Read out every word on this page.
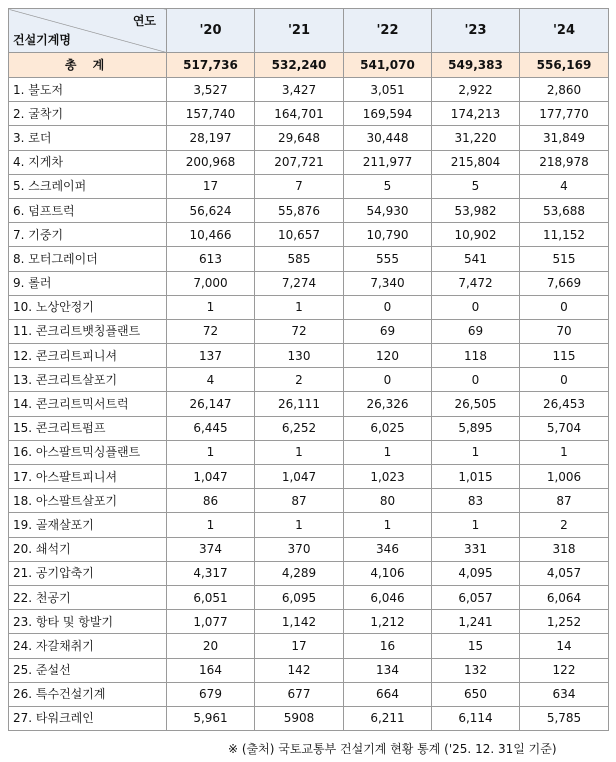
연도
건설기계명	'20	'21	'22	'23	'24
총 계	517,736	532,240	541,070	549,383	556,169
1. 불도저	3,527	3,427	3,051	2,922	2,860
2. 굴착기	157,740	164,701	169,594	174,213	177,770
3. 로더	28,197	29,648	30,448	31,220	31,849
4. 지게차	200,968	207,721	211,977	215,804	218,978
5. 스크레이퍼	17	7	5	5	4
6. 덤프트럭	56,624	55,876	54,930	53,982	53,688
7. 기중기	10,466	10,657	10,790	10,902	11,152
8. 모터그레이더	613	585	555	541	515
9. 롤러	7,000	7,274	7,340	7,472	7,669
10. 노상안정기	1	1	0	0	0
11. 콘크리트뱃칭플랜트	72	72	69	69	70
12. 콘크리트피니셔	137	130	120	118	115
13. 콘크리트살포기	4	2	0	0	0
14. 콘크리트믹서트럭	26,147	26,111	26,326	26,505	26,453
15. 콘크리트펌프	6,445	6,252	6,025	5,895	5,704
16. 아스팔트믹싱플랜트	1	1	1	1	1
17. 아스팔트피니셔	1,047	1,047	1,023	1,015	1,006
18. 아스팔트살포기	86	87	80	83	87
19. 골재살포기	1	1	1	1	2
20. 쇄석기	374	370	346	331	318
21. 공기압축기	4,317	4,289	4,106	4,095	4,057
22. 천공기	6,051	6,095	6,046	6,057	6,064
23. 항타 및 항발기	1,077	1,142	1,212	1,241	1,252
24. 자갈채취기	20	17	16	15	14
25. 준설선	164	142	134	132	122
26. 특수건설기계	679	677	664	650	634
27. 타워크레인	5,961	5908	6,211	6,114	5,785
※ (출처) 국토교통부 건설기계 현황 통계 ('25. 12. 31일 기준)
